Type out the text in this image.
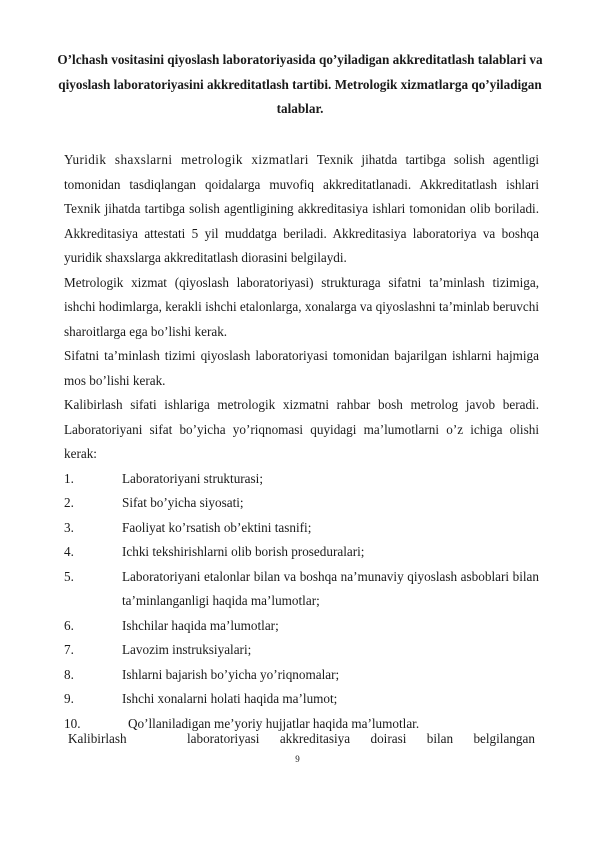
O’lchash vositasini qiyoslash laboratoriyasida qo’yiladigan akkreditatlash talablari va qiyoslash laboratoriyasini akkreditatlash tartibi. Metrologik xizmatlarga qo’yiladigan talablar.

Yuridik shaxslarni metrologik xizmatlari Texnik jihatda tartibga solish agentligi tomonidan tasdiqlangan qoidalarga muvofiq akkreditatlanadi. Akkreditatlash ishlari Texnik jihatda tartibga solish agentligining akkreditasiya ishlari tomonidan olib boriladi. Akkreditasiya attestati 5 yil muddatga beriladi. Akkreditasiya laboratoriya va boshqa yuridik shaxslarga akkreditatlash diorasini belgilaydi.

Metrologik xizmat (qiyoslash laboratoriyasi) strukturaga sifatni ta’minlash tizimiga, ishchi hodimlarga, kerakli ishchi etalonlarga, xonalarga va qiyoslashni ta’minlab beruvchi sharoitlarga ega bo’lishi kerak.

Sifatni ta’minlash tizimi qiyoslash laboratoriyasi tomonidan bajarilgan ishlarni hajmiga mos bo’lishi kerak.

Kalibirlash sifati ishlariga metrologik xizmatni rahbar bosh metrolog javob beradi. Laboratoriyani sifat bo’yicha yo’riqnomasi quyidagi ma’lumotlarni o’z ichiga olishi kerak:

1.	Laboratoriyani strukturasi;
2.	Sifat bo’yicha siyosati;
3.	Faoliyat ko’rsatish ob’ektini tasnifi;
4.	Ichki tekshirishlarni olib borish proseduralari;
5.	Laboratoriyani etalonlar bilan va boshqa na’munaviy qiyoslash asboblari bilan ta’minlanganligi haqida ma’lumotlar;
6.	Ishchilar haqida ma’lumotlar;
7.	Lavozim instruksiyalari;
8.	Ishlarni bajarish bo’yicha yo’riqnomalar;
9.	Ishchi xonalarni holati haqida ma’lumot;
10.	Qo’llaniladigan me’yoriy hujjatlar haqida ma’lumotlar.
Kalibirlash	laboratoriyasi akkreditasiya doirasi bilan belgilangan
9
